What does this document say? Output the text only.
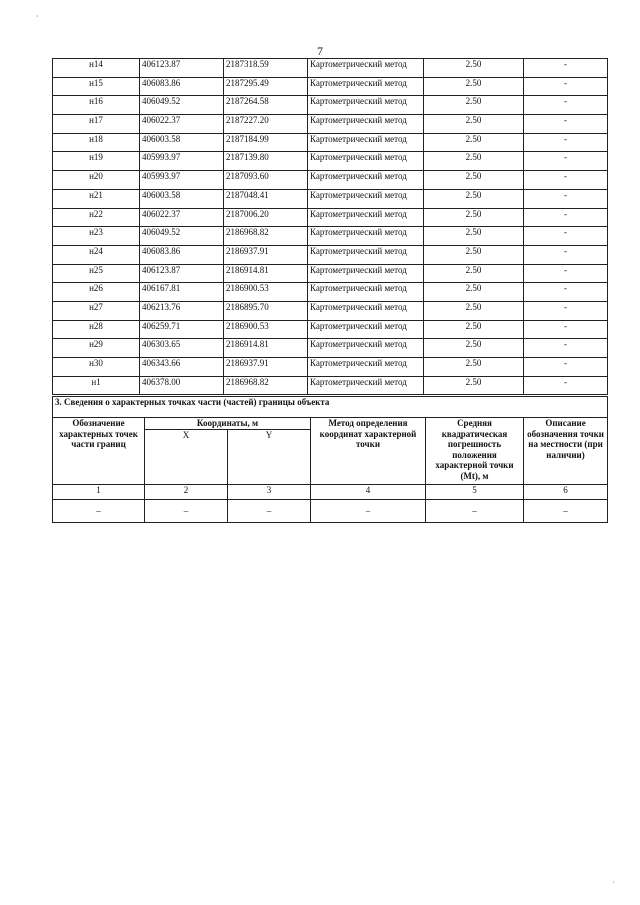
7
н14	406123.87	2187318.59	Картометрический метод	2.50	-
н15	406083.86	2187295.49	Картометрический метод	2.50	-
н16	406049.52	2187264.58	Картометрический метод	2.50	-
н17	406022.37	2187227.20	Картометрический метод	2.50	-
н18	406003.58	2187184.99	Картометрический метод	2.50	-
н19	405993.97	2187139.80	Картометрический метод	2.50	-
н20	405993.97	2187093.60	Картометрический метод	2.50	-
н21	406003.58	2187048.41	Картометрический метод	2.50	-
н22	406022.37	2187006.20	Картометрический метод	2.50	-
н23	406049.52	2186968.82	Картометрический метод	2.50	-
н24	406083.86	2186937.91	Картометрический метод	2.50	-
н25	406123.87	2186914.81	Картометрический метод	2.50	-
н26	406167.81	2186900.53	Картометрический метод	2.50	-
н27	406213.76	2186895.70	Картометрический метод	2.50	-
н28	406259.71	2186900.53	Картометрический метод	2.50	-
н29	406303.65	2186914.81	Картометрический метод	2.50	-
н30	406343.66	2186937.91	Картометрический метод	2.50	-
н1	406378.00	2186968.82	Картометрический метод	2.50	-
3. Сведения о характерных точках части (частей) границы объекта					
Обозначение характерных точек части границ	Координаты, м		Метод определения координат характерной точки	Средняя квадратическая погрешность положения характерной точки (Mt), м	Описание обозначения точки на местности (при наличии)
	X	Y			
1	2	3	4	5	6
–	–	–	–	–	–
·
·
